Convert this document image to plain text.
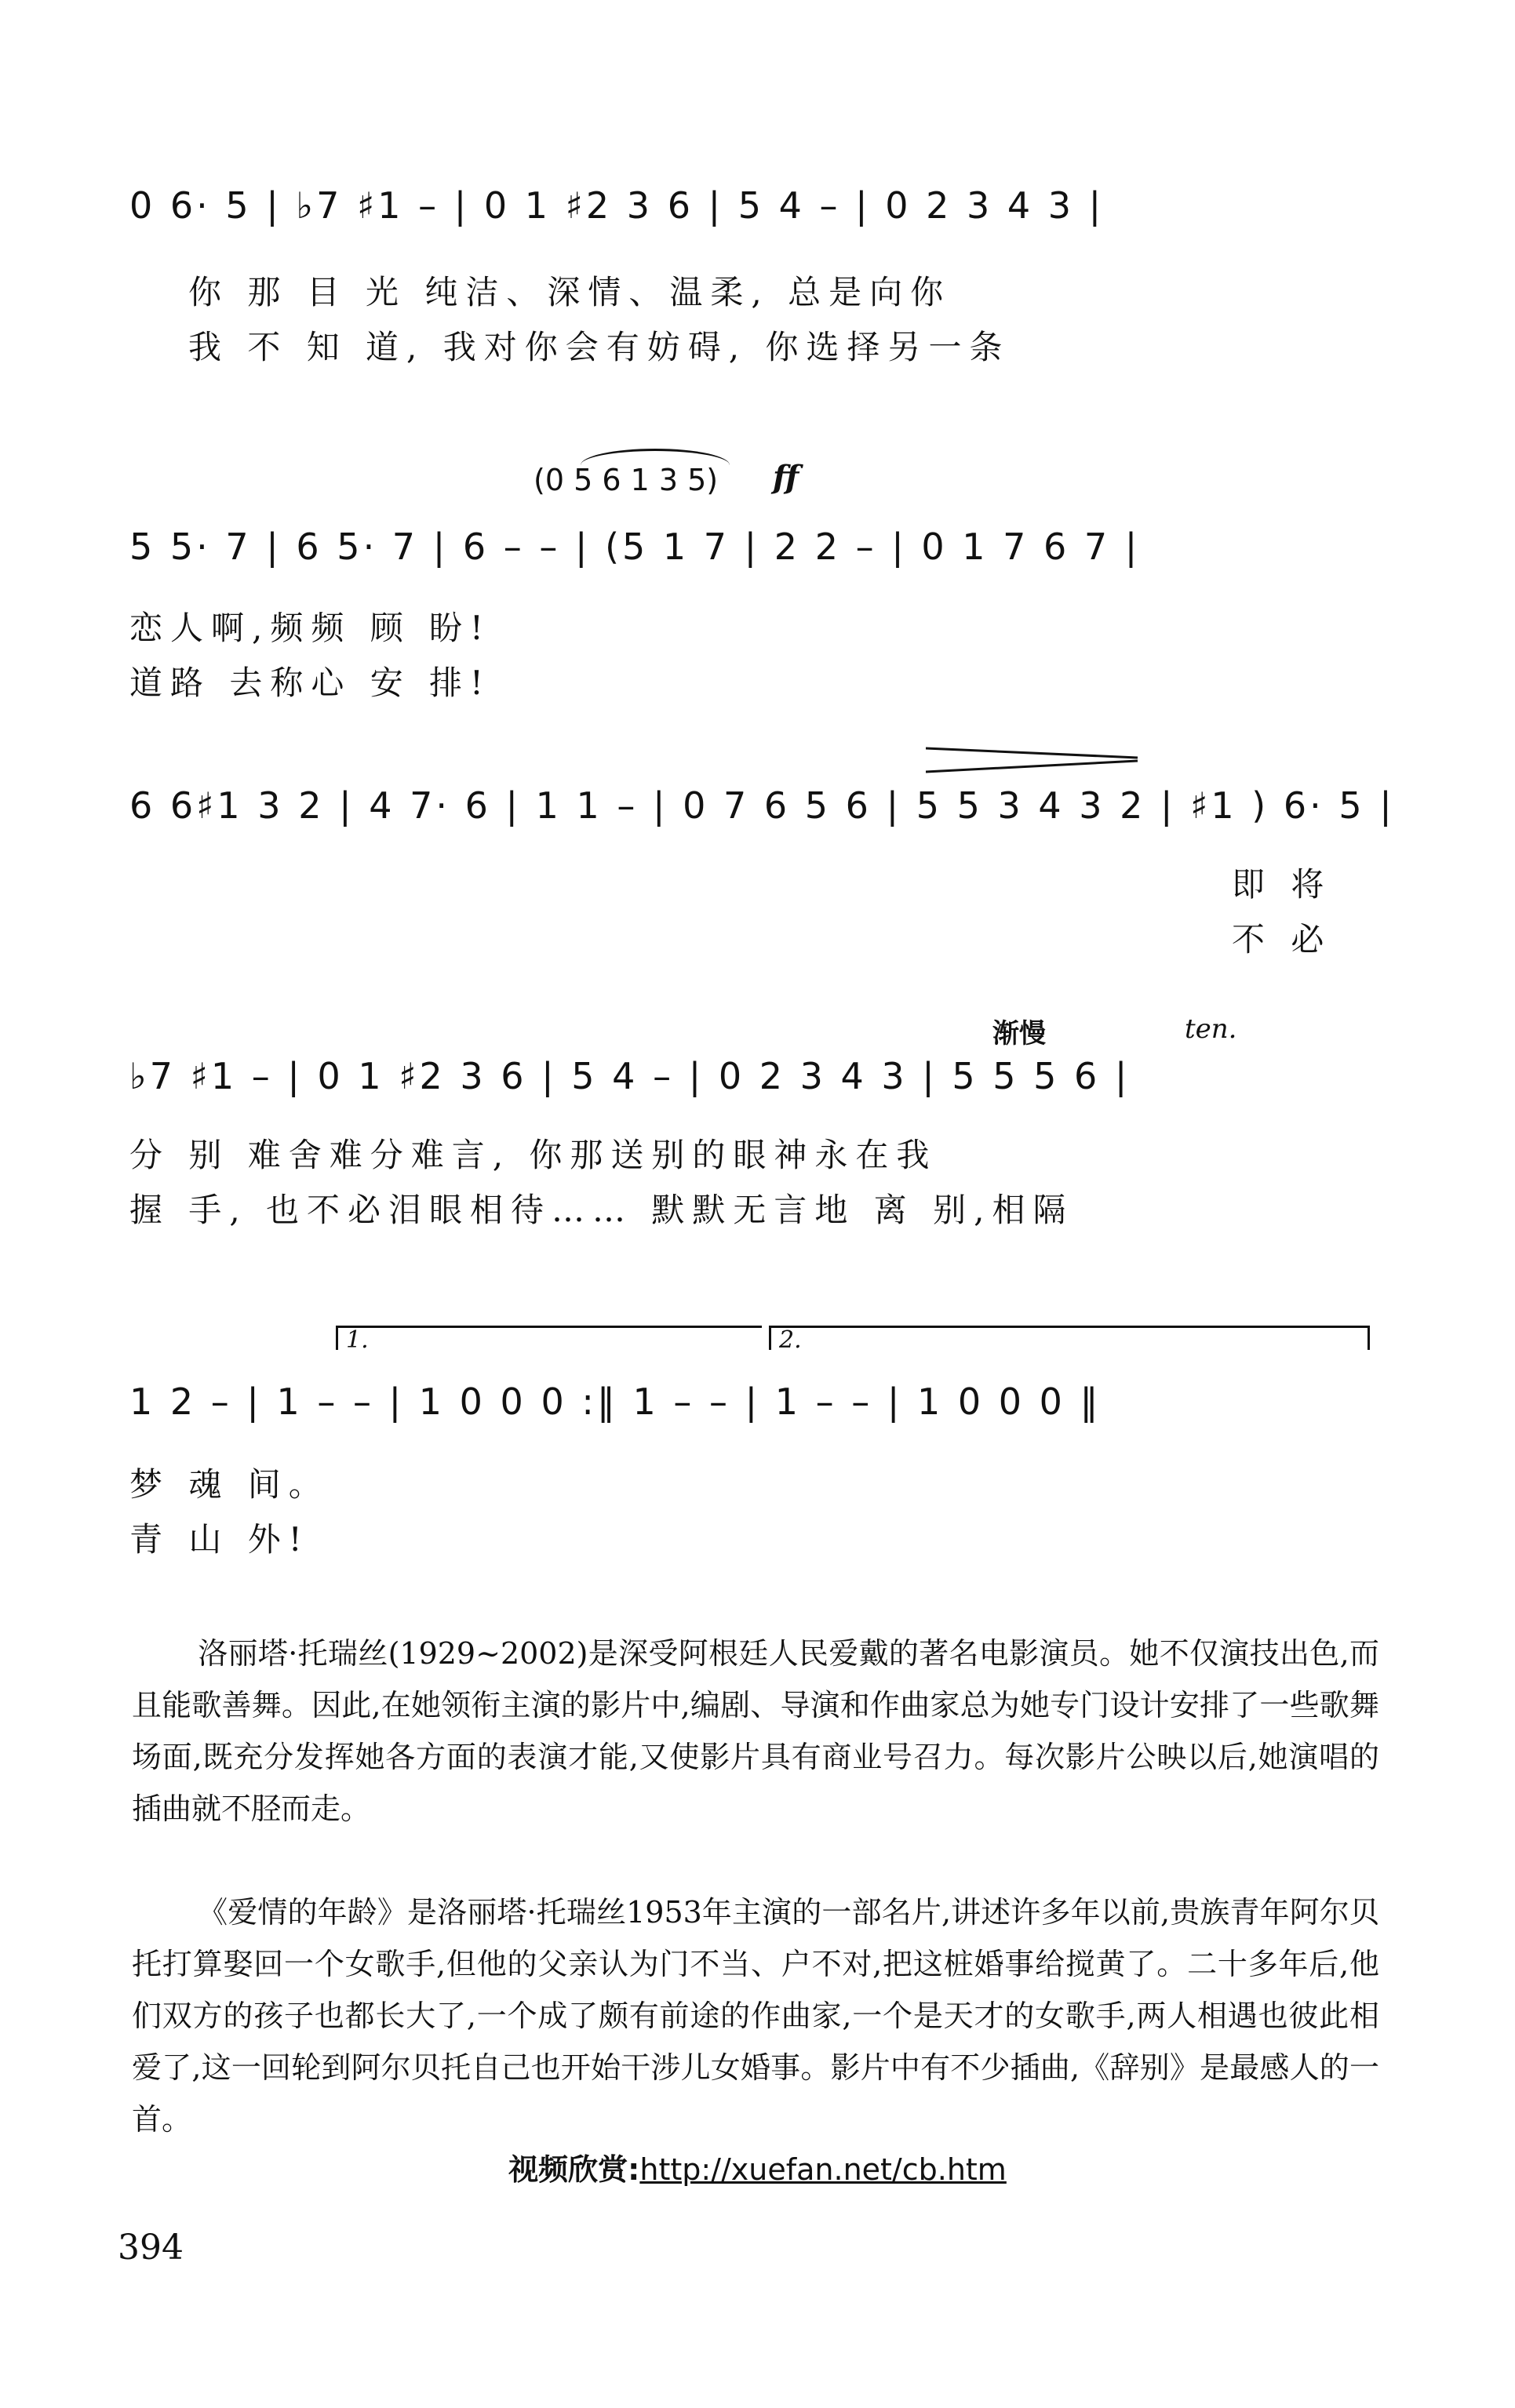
0 6· 5 | ♭7 ♯1 – | 0 1 ♯2 3 6 | 5 4 – | 0 2 3 4 3 |
你 那 目 光 纯洁、深情、温柔, 总是向你
我 不 知 道, 我对你会有妨碍, 你选择另一条
(0 5 6 1 3 5) ff
5 5· 7 | 6 5· 7 | 6 – – | (5 1 7 | 2 2 – | 0 1 7 6 7 |
恋人啊,频频 顾 盼!
道路 去称心 安 排!
6 6♯1 3 2 | 4 7· 6 | 1 1 – | 0 7 6 5 6 | 5 5 3 4 3 2 | ♯1 ) 6· 5 |
即 将
不 必
渐慢	ten.
♭7 ♯1 – | 0 1 ♯2 3 6 | 5 4 – | 0 2 3 4 3 | 5 5 5 6 |
分 别 难舍难分难言, 你那送别的眼神永在我
握 手, 也不必泪眼相待…… 默默无言地 离 别,相隔
1.	2.
1 2 – | 1 – – | 1 0 0 0 :‖ 1 – – | 1 – – | 1 0 0 0 ‖
梦 魂 间。
青 山 外!
洛丽塔·托瑞丝(1929~2002)是深受阿根廷人民爱戴的著名电影演员。她不仅演技出色,而且能歌善舞。因此,在她领衔主演的影片中,编剧、导演和作曲家总为她专门设计安排了一些歌舞场面,既充分发挥她各方面的表演才能,又使影片具有商业号召力。每次影片公映以后,她演唱的插曲就不胫而走。
《爱情的年龄》是洛丽塔·托瑞丝1953年主演的一部名片,讲述许多年以前,贵族青年阿尔贝托打算娶回一个女歌手,但他的父亲认为门不当、户不对,把这桩婚事给搅黄了。二十多年后,他们双方的孩子也都长大了,一个成了颇有前途的作曲家,一个是天才的女歌手,两人相遇也彼此相爱了,这一回轮到阿尔贝托自己也开始干涉儿女婚事。影片中有不少插曲,《辞别》是最感人的一首。
视频欣赏:http://xuefan.net/cb.htm
394
